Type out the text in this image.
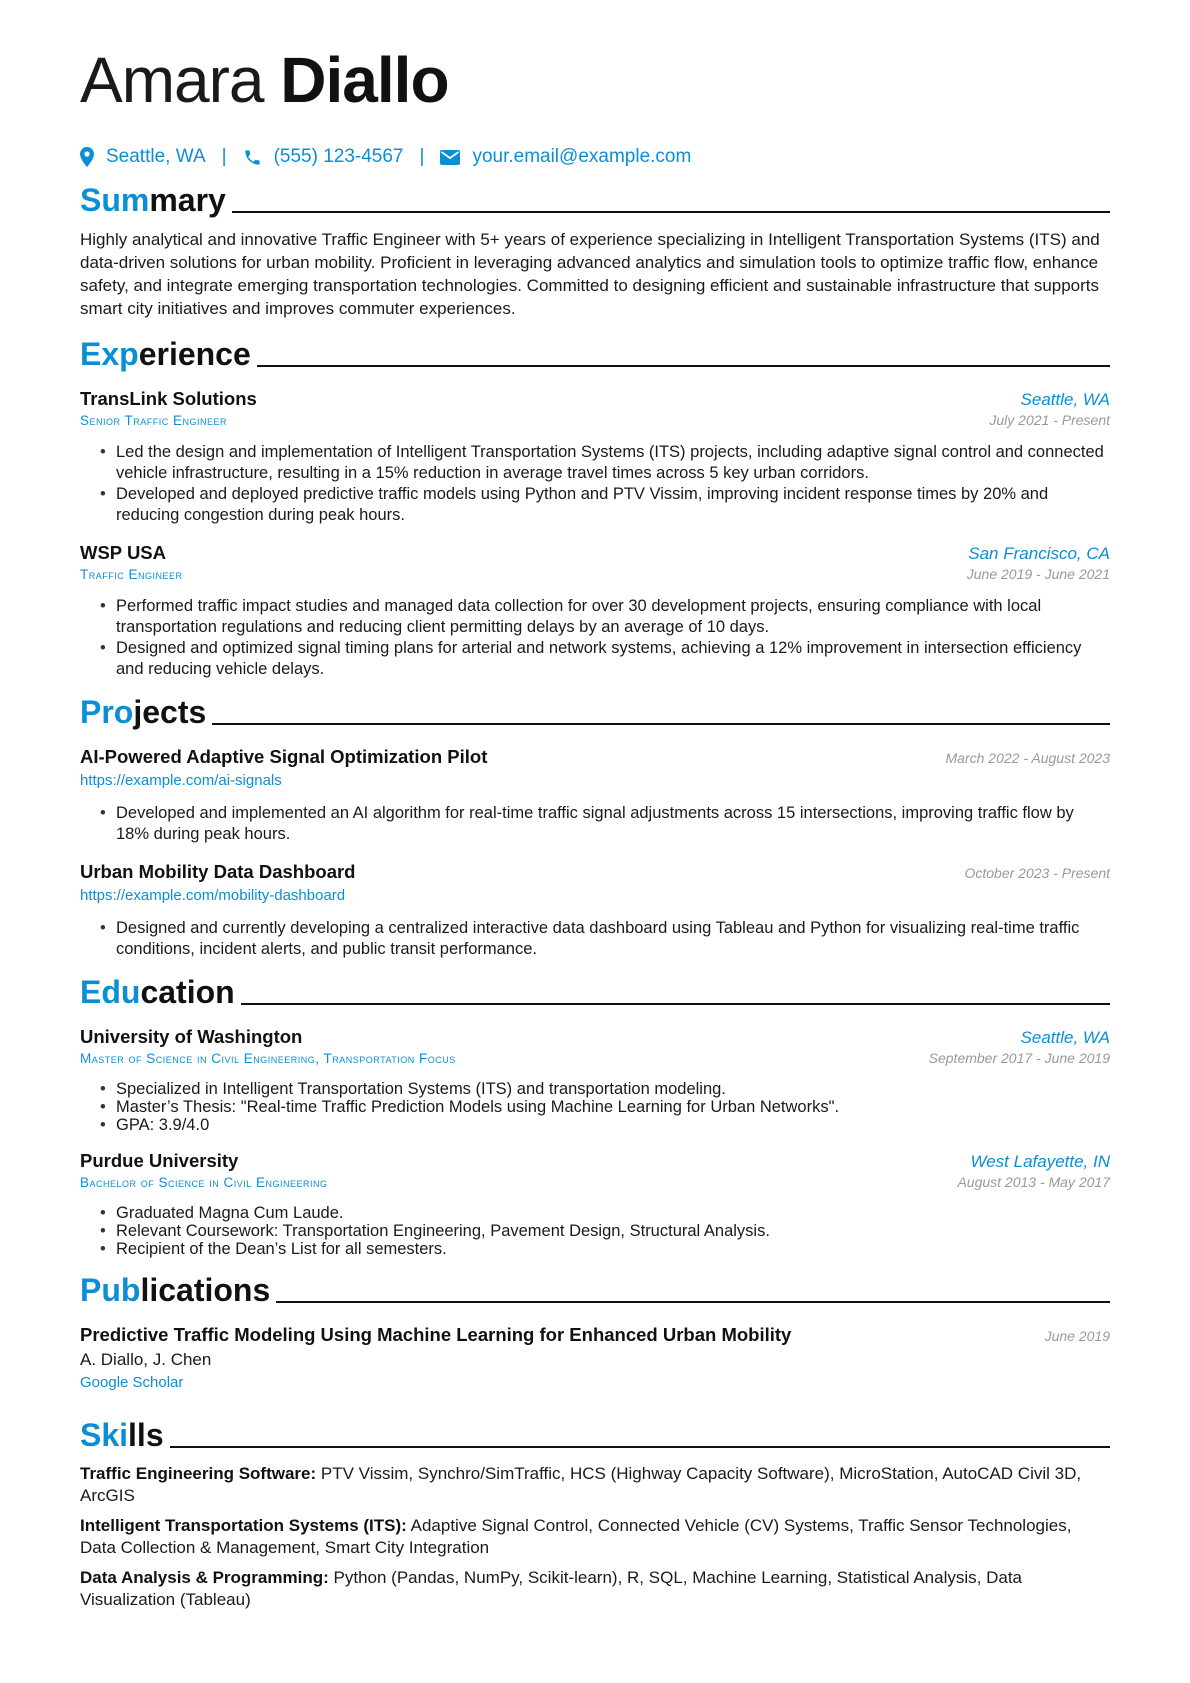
Amara Diallo
Seattle, WA | (555) 123-4567 |	your.email@example.com
Summary
Highly analytical and innovative Traffic Engineer with 5+ years of experience specializing in Intelligent Transportation Systems (ITS) and data-driven solutions for urban mobility. Proficient in leveraging advanced analytics and simulation tools to optimize traffic flow, enhance safety, and integrate emerging transportation technologies. Committed to designing efficient and sustainable infrastructure that supports smart city initiatives and improves commuter experiences.
Experience
TransLink Solutions	Seattle, WA
Senior Traffic Engineer	July 2021 - Present
• Led the design and implementation of Intelligent Transportation Systems (ITS) projects, including adaptive signal control and connected vehicle infrastructure, resulting in a 15% reduction in average travel times across 5 key urban corridors.
• Developed and deployed predictive traffic models using Python and PTV Vissim, improving incident response times by 20% and reducing congestion during peak hours.
WSP USA	San Francisco, CA
Traffic Engineer	June 2019 - June 2021
• Performed traffic impact studies and managed data collection for over 30 development projects, ensuring compliance with local transportation regulations and reducing client permitting delays by an average of 10 days.
• Designed and optimized signal timing plans for arterial and network systems, achieving a 12% improvement in intersection efficiency and reducing vehicle delays.
Projects
AI-Powered Adaptive Signal Optimization Pilot	March 2022 - August 2023
https://example.com/ai-signals
• Developed and implemented an AI algorithm for real-time traffic signal adjustments across 15 intersections, improving traffic flow by 18% during peak hours.
Urban Mobility Data Dashboard	October 2023 - Present
https://example.com/mobility-dashboard
• Designed and currently developing a centralized interactive data dashboard using Tableau and Python for visualizing real-time traffic conditions, incident alerts, and public transit performance.
Education
University of Washington	Seattle, WA
Master of Science in Civil Engineering, Transportation Focus	September 2017 - June 2019
• Specialized in Intelligent Transportation Systems (ITS) and transportation modeling.
• Master’s Thesis: "Real-time Traffic Prediction Models using Machine Learning for Urban Networks".
• GPA: 3.9/4.0
Purdue University	West Lafayette, IN
Bachelor of Science in Civil Engineering	August 2013 - May 2017
• Graduated Magna Cum Laude.
• Relevant Coursework: Transportation Engineering, Pavement Design, Structural Analysis.
• Recipient of the Dean’s List for all semesters.
Publications
Predictive Traffic Modeling Using Machine Learning for Enhanced Urban Mobility	June 2019
A. Diallo, J. Chen
Google Scholar
Skills
Traffic Engineering Software: PTV Vissim, Synchro/SimTraffic, HCS (Highway Capacity Software), MicroStation, AutoCAD Civil 3D, ArcGIS
Intelligent Transportation Systems (ITS): Adaptive Signal Control, Connected Vehicle (CV) Systems, Traffic Sensor Technologies, Data Collection & Management, Smart City Integration
Data Analysis & Programming: Python (Pandas, NumPy, Scikit-learn), R, SQL, Machine Learning, Statistical Analysis, Data Visualization (Tableau)
